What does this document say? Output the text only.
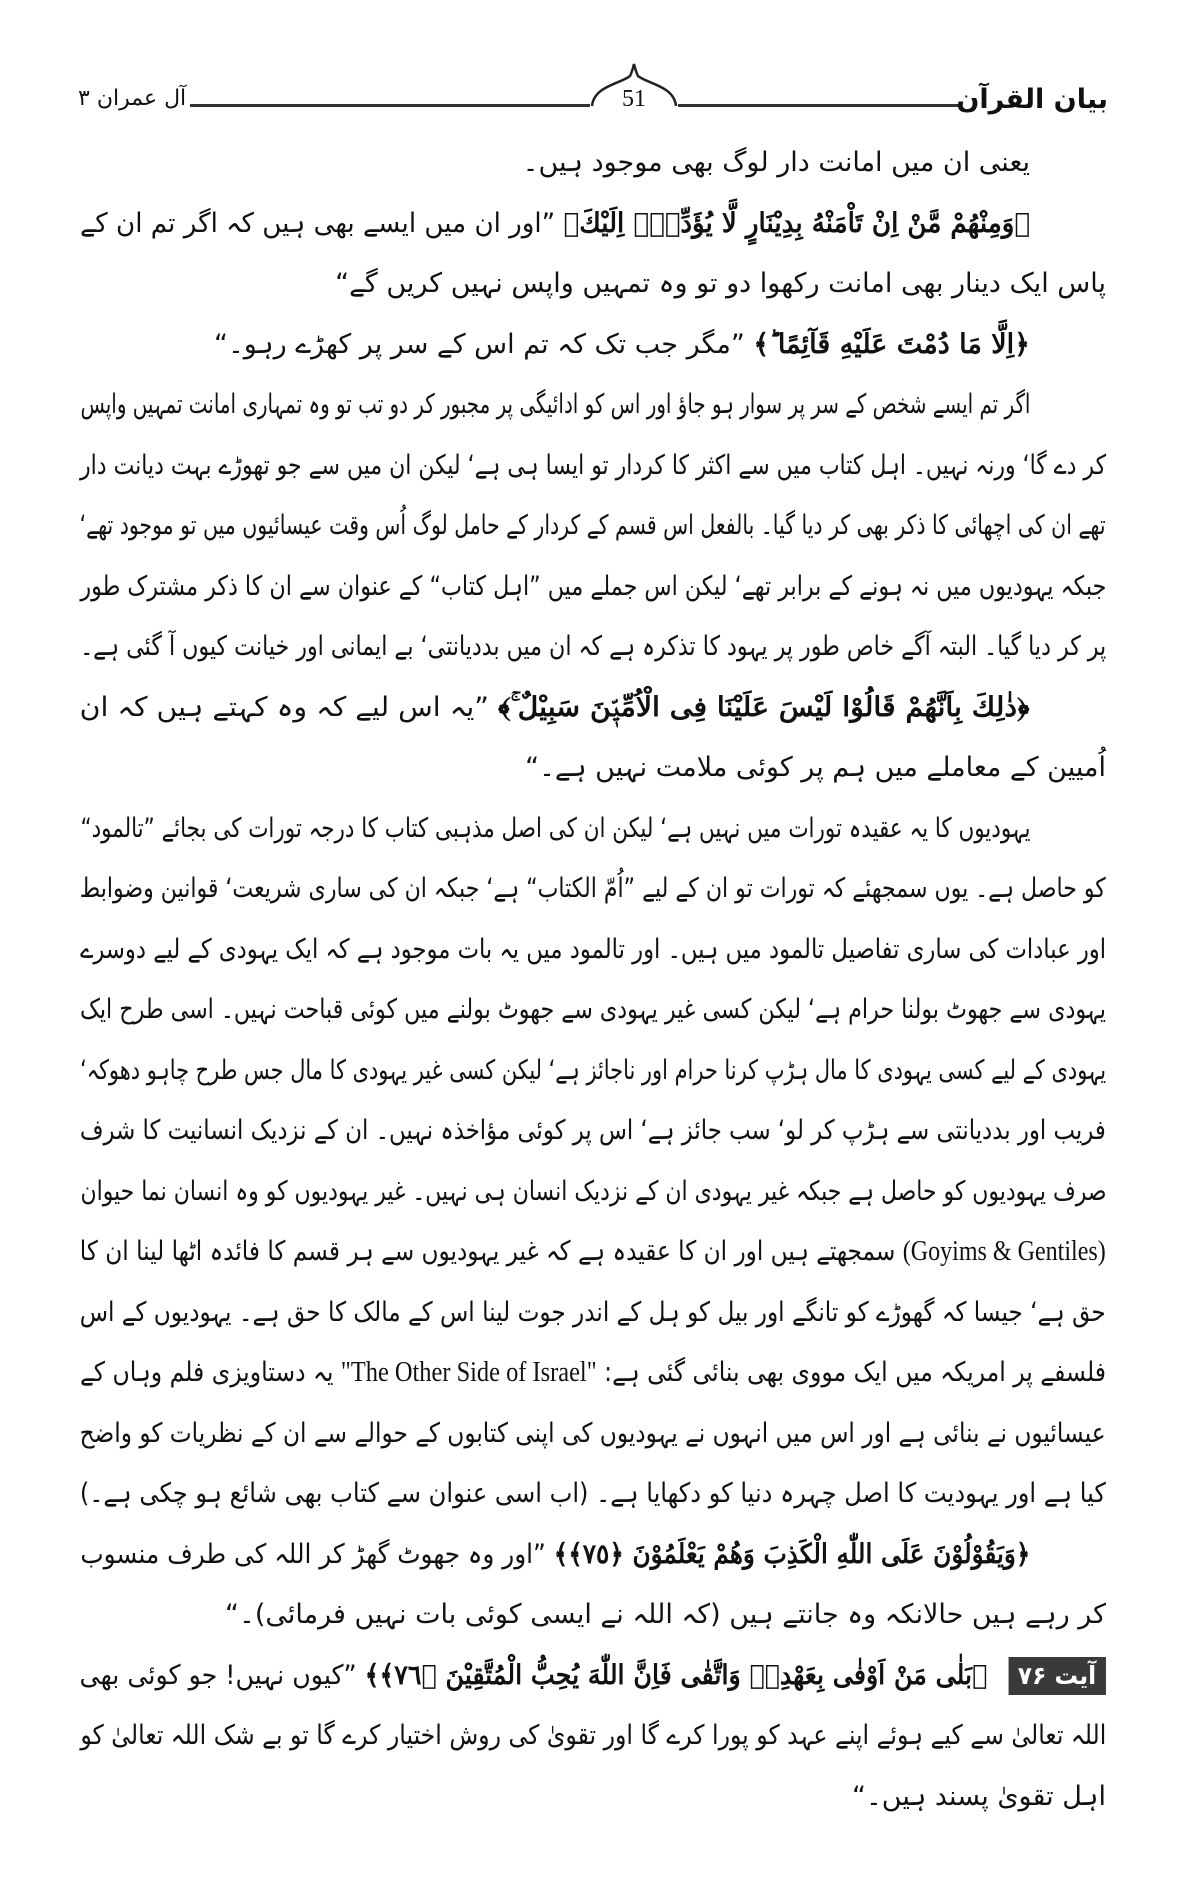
بیان القرآن
آل عمران ۳	51
یعنی ان میں امانت دار لوگ بھی موجود ہیں۔
﴿وَمِنْهُمْ مَّنْ اِنْ تَاْمَنْهُ بِدِيْنَارٍ لَّا يُؤَدِّهٖٓ اِلَيْكَ﴾ ”اور ان میں ایسے بھی ہیں کہ اگر تم ان کے
پاس ایک دینار بھی امانت رکھوا دو تو وہ تمہیں واپس نہیں کریں گے“
﴿اِلَّا مَا دُمْتَ عَلَيْهِ قَآئِمًا ؕ﴾ ”مگر جب تک کہ تم اس کے سر پر کھڑے رہو۔“
اگر تم ایسے شخص کے سر پر سوار ہو جاؤ اور اس کو ادائیگی پر مجبور کر دو تب تو وہ تمہاری امانت تمہیں واپس
کر دے گا‘ ورنہ نہیں۔ اہل کتاب میں سے اکثر کا کردار تو ایسا ہی ہے‘ لیکن ان میں سے جو تھوڑے بہت دیانت دار
تھے ان کی اچھائی کا ذکر بھی کر دیا گیا۔ بالفعل اس قسم کے کردار کے حامل لوگ اُس وقت عیسائیوں میں تو موجود تھے‘
جبکہ یہودیوں میں نہ ہونے کے برابر تھے‘ لیکن اس جملے میں ”اہل کتاب“ کے عنوان سے ان کا ذکر مشترک طور
پر کر دیا گیا۔ البتہ آگے خاص طور پر یہود کا تذکرہ ہے کہ ان میں بددیانتی‘ بے ایمانی اور خیانت کیوں آ گئی ہے۔
﴿ذٰلِكَ بِاَنَّهُمْ قَالُوْا لَيْسَ عَلَيْنَا فِى الْاُمِّيّٖنَ سَبِيْلٌ ۚ﴾ ”یہ اس لیے کہ وہ کہتے ہیں کہ ان
اُمیین کے معاملے میں ہم پر کوئی ملامت نہیں ہے۔“
یہودیوں کا یہ عقیدہ تورات میں نہیں ہے‘ لیکن ان کی اصل مذہبی کتاب کا درجہ تورات کی بجائے ”تالمود“
کو حاصل ہے۔ یوں سمجھئے کہ تورات تو ان کے لیے ”اُمّ الکتاب“ ہے‘ جبکہ ان کی ساری شریعت‘ قوانین وضوابط
اور عبادات کی ساری تفاصیل تالمود میں ہیں۔ اور تالمود میں یہ بات موجود ہے کہ ایک یہودی کے لیے دوسرے
یہودی سے جھوٹ بولنا حرام ہے‘ لیکن کسی غیر یہودی سے جھوٹ بولنے میں کوئی قباحت نہیں۔ اسی طرح ایک
یہودی کے لیے کسی یہودی کا مال ہڑپ کرنا حرام اور ناجائز ہے‘ لیکن کسی غیر یہودی کا مال جس طرح چاہو دھوکہ‘
فریب اور بددیانتی سے ہڑپ کر لو‘ سب جائز ہے‘ اس پر کوئی مؤاخذہ نہیں۔ ان کے نزدیک انسانیت کا شرف
صرف یہودیوں کو حاصل ہے جبکہ غیر یہودی ان کے نزدیک انسان ہی نہیں۔ غیر یہودیوں کو وہ انسان نما حیوان
(Goyims & Gentiles) سمجھتے ہیں اور ان کا عقیدہ ہے کہ غیر یہودیوں سے ہر قسم کا فائدہ اٹھا لینا ان کا
حق ہے‘ جیسا کہ گھوڑے کو تانگے اور بیل کو ہل کے اندر جوت لینا اس کے مالک کا حق ہے۔ یہودیوں کے اس
فلسفے پر امریکہ میں ایک مووی بھی بنائی گئی ہے: "The Other Side of Israel" یہ دستاویزی فلم وہاں کے
عیسائیوں نے بنائی ہے اور اس میں انہوں نے یہودیوں کی اپنی کتابوں کے حوالے سے ان کے نظریات کو واضح
کیا ہے اور یہودیت کا اصل چہرہ دنیا کو دکھایا ہے۔ (اب اسی عنوان سے کتاب بھی شائع ہو چکی ہے۔)
﴿وَيَقُوْلُوْنَ عَلَى اللّٰهِ الْكَذِبَ وَهُمْ يَعْلَمُوْنَ ﴿٧٥﴾﴾ ”اور وہ جھوٹ گھڑ کر اللہ کی طرف منسوب
کر رہے ہیں حالانکہ وہ جانتے ہیں (کہ اللہ نے ایسی کوئی بات نہیں فرمائی)۔“
آیت ۷۶ ﴿بَلٰى مَنْ اَوْفٰى بِعَهْدِهٖ وَاتَّقٰى فَاِنَّ اللّٰهَ يُحِبُّ الْمُتَّقِيْنَ ﴿٧٦﴾﴾ ”کیوں نہیں! جو کوئی بھی
اللہ تعالیٰ سے کیے ہوئے اپنے عہد کو پورا کرے گا اور تقویٰ کی روش اختیار کرے گا تو بے شک اللہ تعالیٰ کو
اہل تقویٰ پسند ہیں۔“
